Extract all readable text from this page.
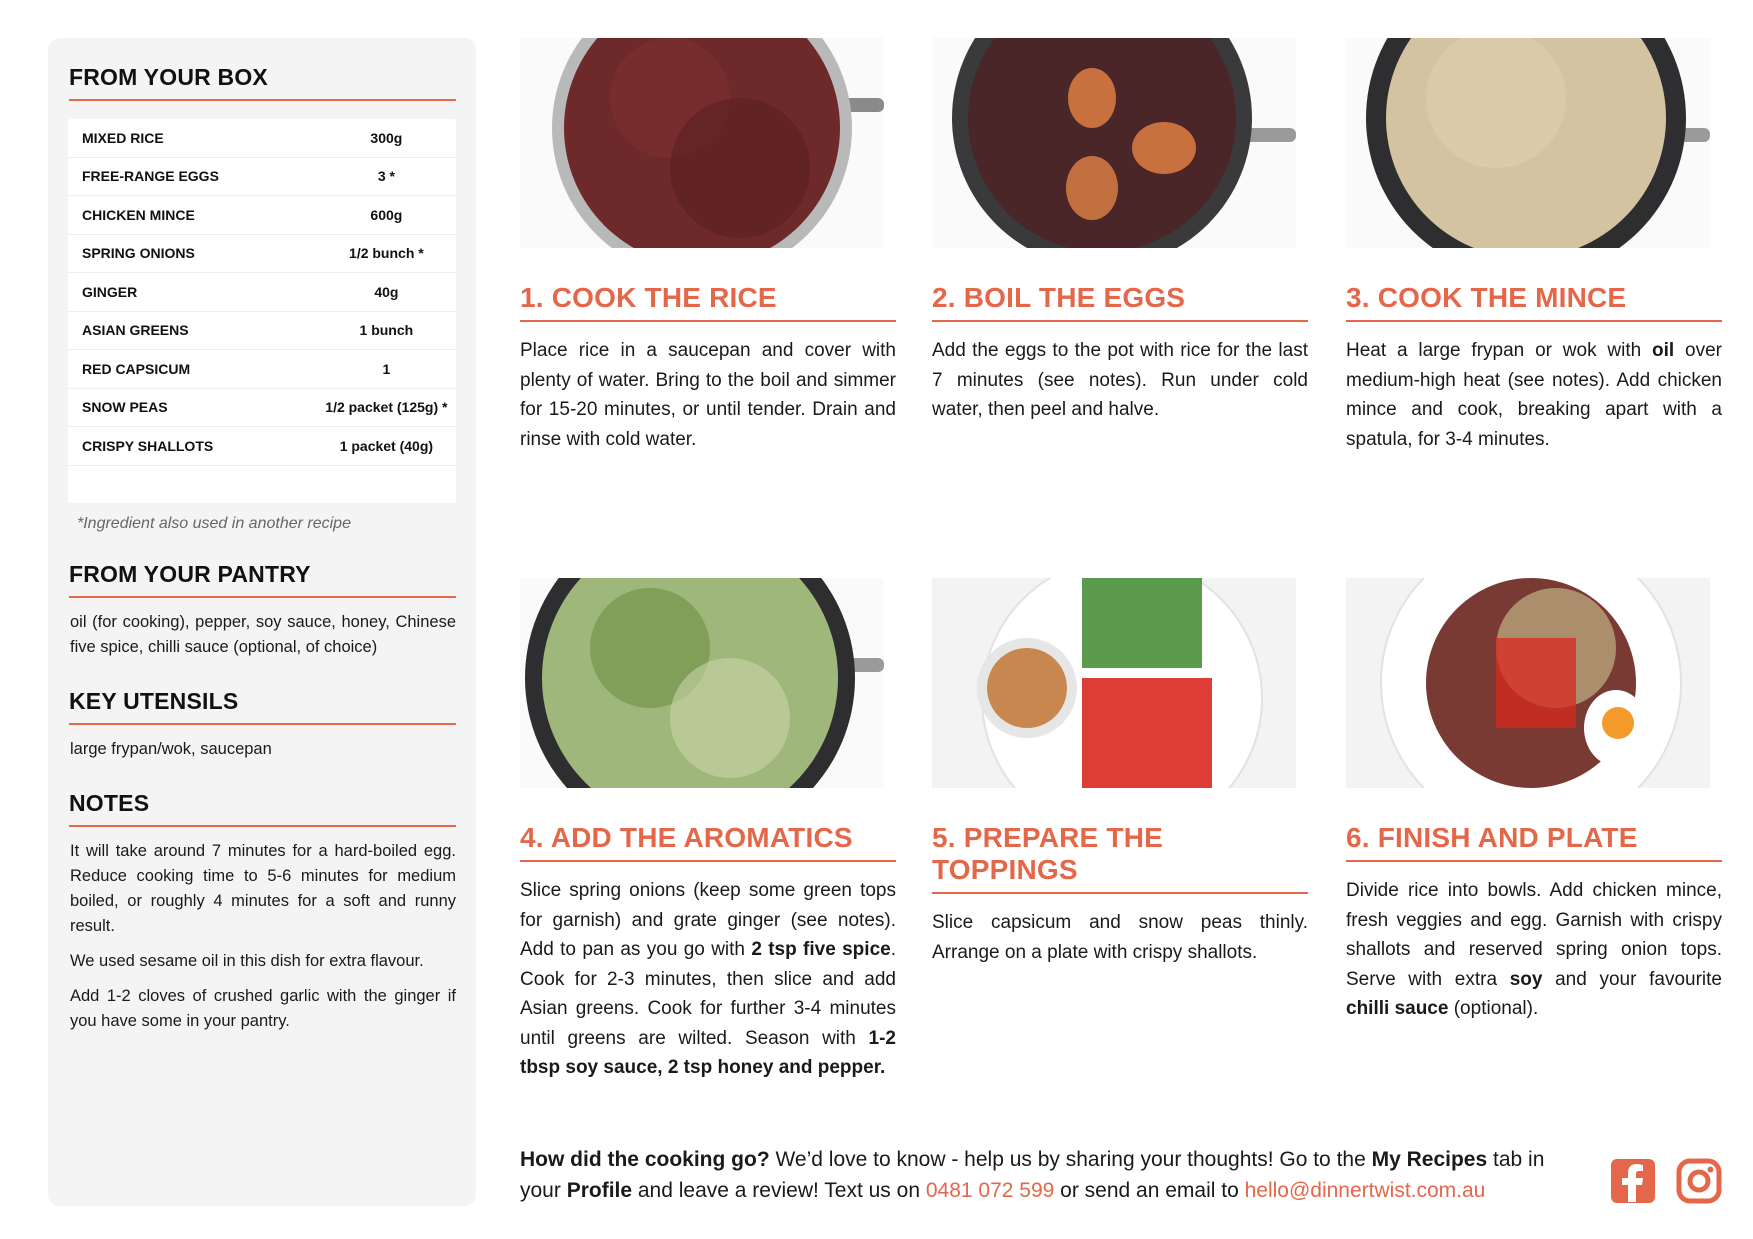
FROM YOUR BOX
MIXED RICE	300g
FREE-RANGE EGGS	3 *
CHICKEN MINCE	600g
SPRING ONIONS	1/2 bunch *
GINGER	40g
ASIAN GREENS	1 bunch
RED CAPSICUM	1
SNOW PEAS	1/2 packet (125g) *
CRISPY SHALLOTS	1 packet (40g)
*Ingredient also used in another recipe
FROM YOUR PANTRY

oil (for cooking), pepper, soy sauce, honey, Chinese five spice, chilli sauce (optional, of choice)

KEY UTENSILS

large frypan/wok, saucepan

NOTES

It will take around 7 minutes for a hard-boiled egg. Reduce cooking time to 5-6 minutes for medium boiled, or roughly 4 minutes for a soft and runny result.

We used sesame oil in this dish for extra flavour.

Add 1-2 cloves of crushed garlic with the ginger if you have some in your pantry.

1. COOK THE RICE

Place rice in a saucepan and cover with plenty of water. Bring to the boil and simmer for 15-20 minutes, or until tender. Drain and rinse with cold water.

2. BOIL THE EGGS

Add the eggs to the pot with rice for the last 7 minutes (see notes). Run under cold water, then peel and halve.

3. COOK THE MINCE

Heat a large frypan or wok with oil over medium-high heat (see notes). Add chicken mince and cook, breaking apart with a spatula, for 3-4 minutes.

4. ADD THE AROMATICS

Slice spring onions (keep some green tops for garnish) and grate ginger (see notes). Add to pan as you go with 2 tsp five spice. Cook for 2-3 minutes, then slice and add Asian greens. Cook for further 3-4 minutes until greens are wilted. Season with 1-2 tbsp soy sauce, 2 tsp honey and pepper.

5. PREPARE THE TOPPINGS

Slice capsicum and snow peas thinly. Arrange on a plate with crispy shallots.

6. FINISH AND PLATE

Divide rice into bowls. Add chicken mince, fresh veggies and egg. Garnish with crispy shallots and reserved spring onion tops. Serve with extra soy and your favourite chilli sauce (optional).

How did the cooking go? We’d love to know - help us by sharing your thoughts! Go to the My Recipes tab in your Profile and leave a review! Text us on 0481 072 599 or send an email to hello@dinnertwist.com.au
